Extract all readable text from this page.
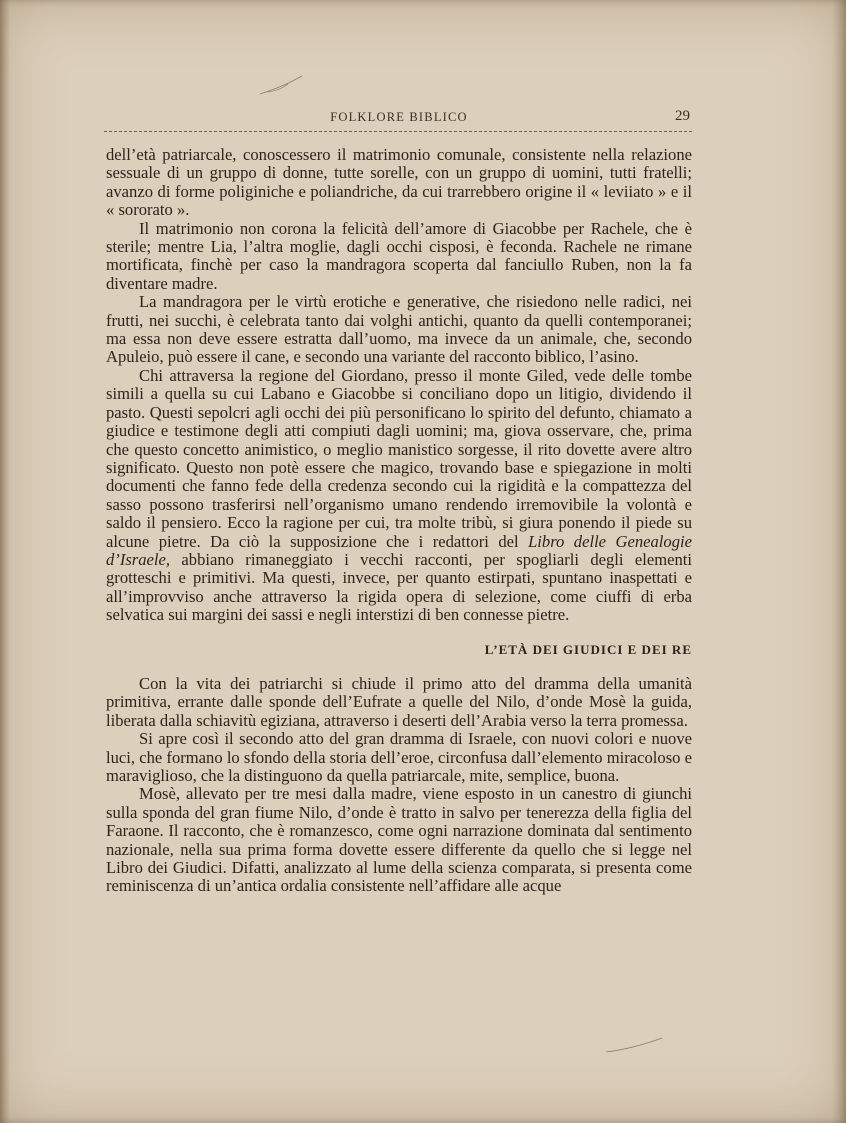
FOLKLORE BIBLICO	29

dell’età patriarcale, conoscessero il matrimonio comunale, consistente nella relazione sessuale di un gruppo di donne, tutte sorelle, con un gruppo di uomini, tutti fratelli; avanzo di forme poliginiche e poliandriche, da cui trarrebbero origine il « leviiato » e il « sororato ».

Il matrimonio non corona la felicità dell’amore di Giacobbe per Rachele, che è sterile; mentre Lia, l’altra moglie, dagli occhi cisposi, è feconda. Rachele ne rimane mortificata, finchè per caso la mandragora scoperta dal fanciullo Ruben, non la fa diventare madre.

La mandragora per le virtù erotiche e generative, che risiedono nelle radici, nei frutti, nei succhi, è celebrata tanto dai volghi antichi, quanto da quelli contemporanei; ma essa non deve essere estratta dall’uomo, ma invece da un animale, che, secondo Apuleio, può essere il cane, e secondo una variante del racconto biblico, l’asino.

Chi attraversa la regione del Giordano, presso il monte Giled, vede delle tombe simili a quella su cui Labano e Giacobbe si conciliano dopo un litigio, dividendo il pasto. Questi sepolcri agli occhi dei più personificano lo spirito del defunto, chiamato a giudice e testimone degli atti compiuti dagli uomini; ma, giova osservare, che, prima che questo concetto animistico, o meglio manistico sorgesse, il rito dovette avere altro significato. Questo non potè essere che magico, trovando base e spiegazione in molti documenti che fanno fede della credenza secondo cui la rigidità e la compattezza del sasso possono trasferirsi nell’organismo umano rendendo irremovibile la volontà e saldo il pensiero. Ecco la ragione per cui, tra molte tribù, si giura ponendo il piede su alcune pietre. Da ciò la supposizione che i redattori del Libro delle Genealogie d’Israele, abbiano rimaneggiato i vecchi racconti, per spogliarli degli elementi grotteschi e primitivi. Ma questi, invece, per quanto estirpati, spuntano inaspettati e all’improvviso anche attraverso la rigida opera di selezione, come ciuffi di erba selvatica sui margini dei sassi e negli interstizi di ben connesse pietre.

L’ETÀ DEI GIUDICI E DEI RE

Con la vita dei patriarchi si chiude il primo atto del dramma della umanità primitiva, errante dalle sponde dell’Eufrate a quelle del Nilo, d’onde Mosè la guida, liberata dalla schiavitù egiziana, attraverso i deserti dell’Arabia verso la terra promessa.

Si apre così il secondo atto del gran dramma di Israele, con nuovi colori e nuove luci, che formano lo sfondo della storia dell’eroe, circonfusa dall’elemento miracoloso e maraviglioso, che la distinguono da quella patriarcale, mite, semplice, buona.

Mosè, allevato per tre mesi dalla madre, viene esposto in un canestro di giunchi sulla sponda del gran fiume Nilo, d’onde è tratto in salvo per tenerezza della figlia del Faraone. Il racconto, che è romanzesco, come ogni narrazione dominata dal sentimento nazionale, nella sua prima forma dovette essere differente da quello che si legge nel Libro dei Giudici. Difatti, analizzato al lume della scienza comparata, si presenta come reminiscenza di un’antica ordalia consistente nell’affidare alle acque
